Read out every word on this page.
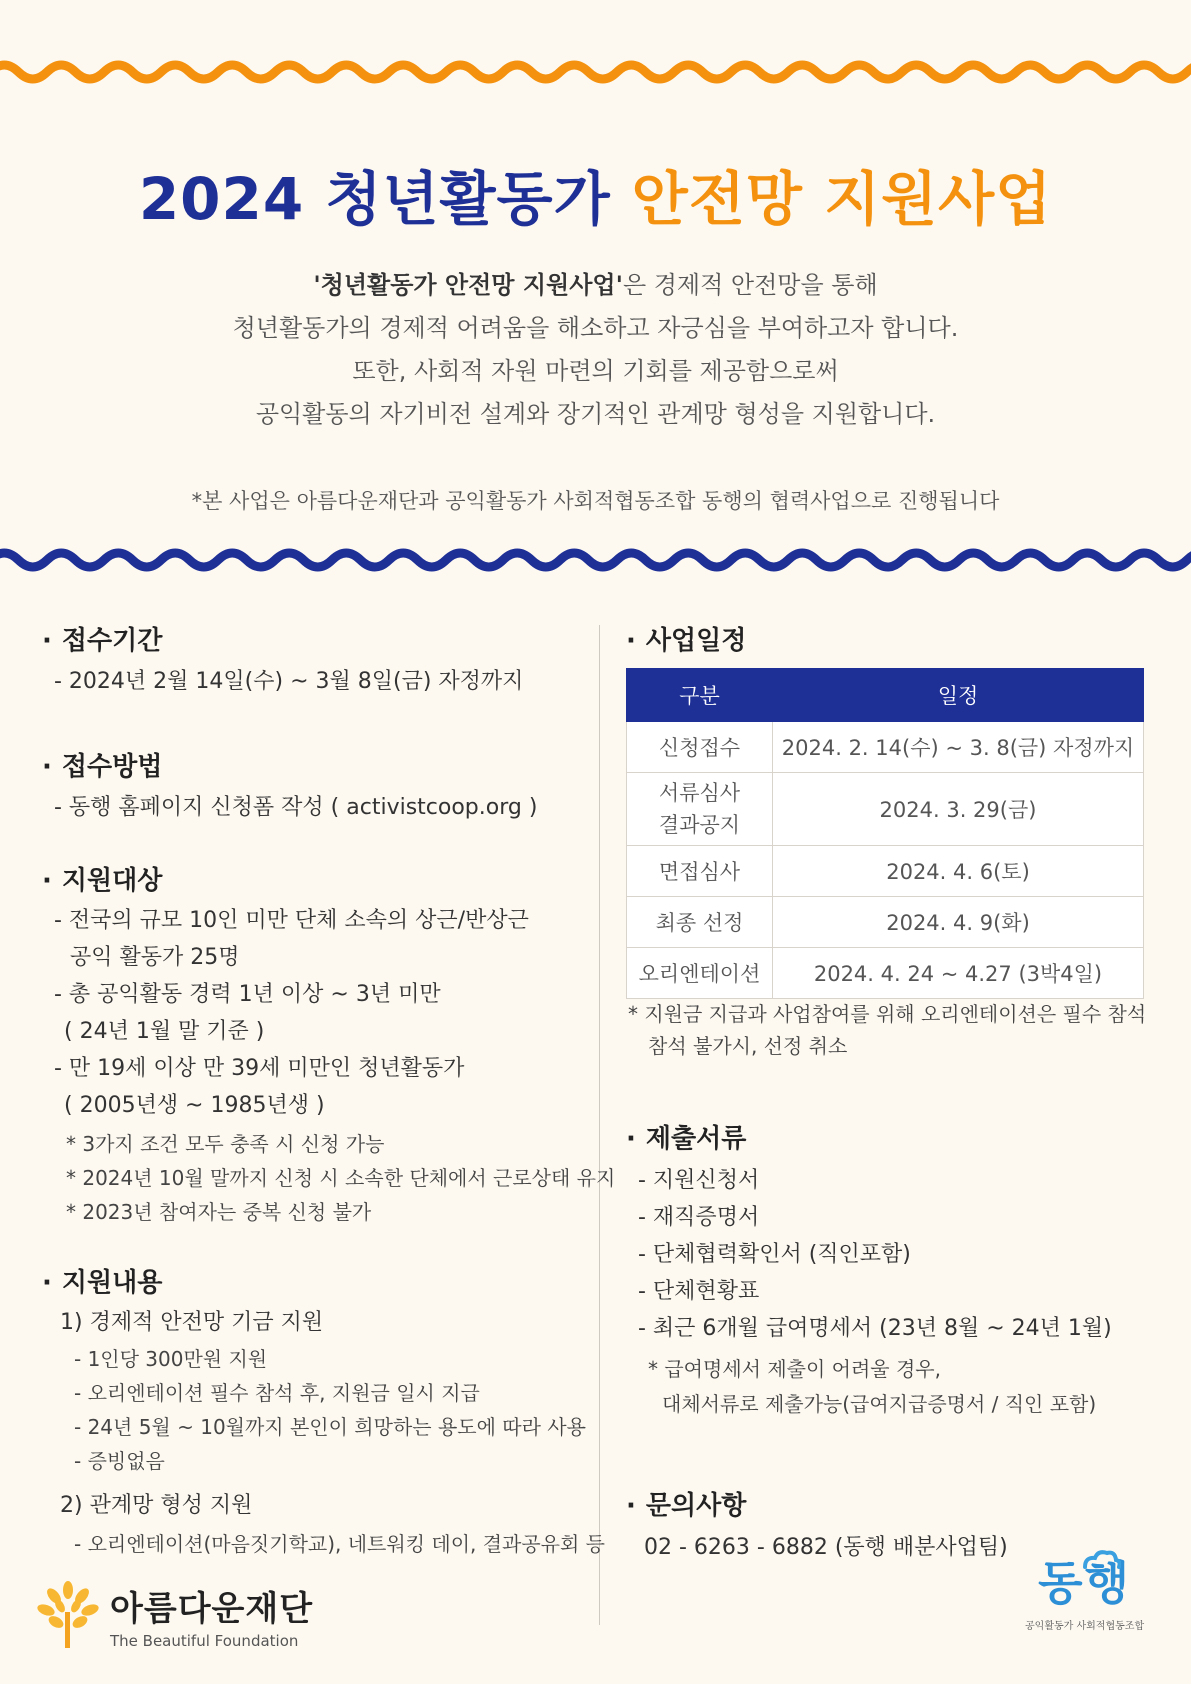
2024 청년활동가 안전망 지원사업

'청년활동가 안전망 지원사업'은 경제적 안전망을 통해

청년활동가의 경제적 어려움을 해소하고 자긍심을 부여하고자 합니다.

또한, 사회적 자원 마련의 기회를 제공함으로써

공익활동의 자기비전 설계와 장기적인 관계망 형성을 지원합니다.

*본 사업은 아름다운재단과 공익활동가 사회적협동조합 동행의 협력사업으로 진행됩니다
· 접수기간
- 2024년 2월 14일(수) ~ 3월 8일(금) 자정까지
· 접수방법
- 동행 홈페이지 신청폼 작성 ( activistcoop.org )
· 지원대상
- 전국의 규모 10인 미만 단체 소속의 상근/반상근
공익 활동가 25명
- 총 공익활동 경력 1년 이상 ~ 3년 미만
( 24년 1월 말 기준 )
- 만 19세 이상 만 39세 미만인 청년활동가
( 2005년생 ~ 1985년생 )
* 3가지 조건 모두 충족 시 신청 가능
* 2024년 10월 말까지 신청 시 소속한 단체에서 근로상태 유지
* 2023년 참여자는 중복 신청 불가
· 지원내용
1) 경제적 안전망 기금 지원
- 1인당 300만원 지원
- 오리엔테이션 필수 참석 후, 지원금 일시 지급
- 24년 5월 ~ 10월까지 본인이 희망하는 용도에 따라 사용
- 증빙없음
2) 관계망 형성 지원
- 오리엔테이션(마음짓기학교), 네트워킹 데이, 결과공유회 등
· 사업일정
구분	일정
신청접수	2024. 2. 14(수) ~ 3. 8(금) 자정까지
서류심사
결과공지	2024. 3. 29(금)
면접심사	2024. 4. 6(토)
최종 선정	2024. 4. 9(화)
오리엔테이션	2024. 4. 24 ~ 4.27 (3박4일)
* 지원금 지급과 사업참여를 위해 오리엔테이션은 필수 참석
참석 불가시, 선정 취소
· 제출서류
- 지원신청서
- 재직증명서
- 단체협력확인서 (직인포함)
- 단체현황표
- 최근 6개월 급여명세서 (23년 8월 ~ 24년 1월)
* 급여명세서 제출이 어려울 경우,
대체서류로 제출가능(급여지급증명서 / 직인 포함)
· 문의사항
02 - 6263 - 6882 (동행 배분사업팀)
아름다운재단
The Beautiful Foundation
동행
공익활동가 사회적협동조합
